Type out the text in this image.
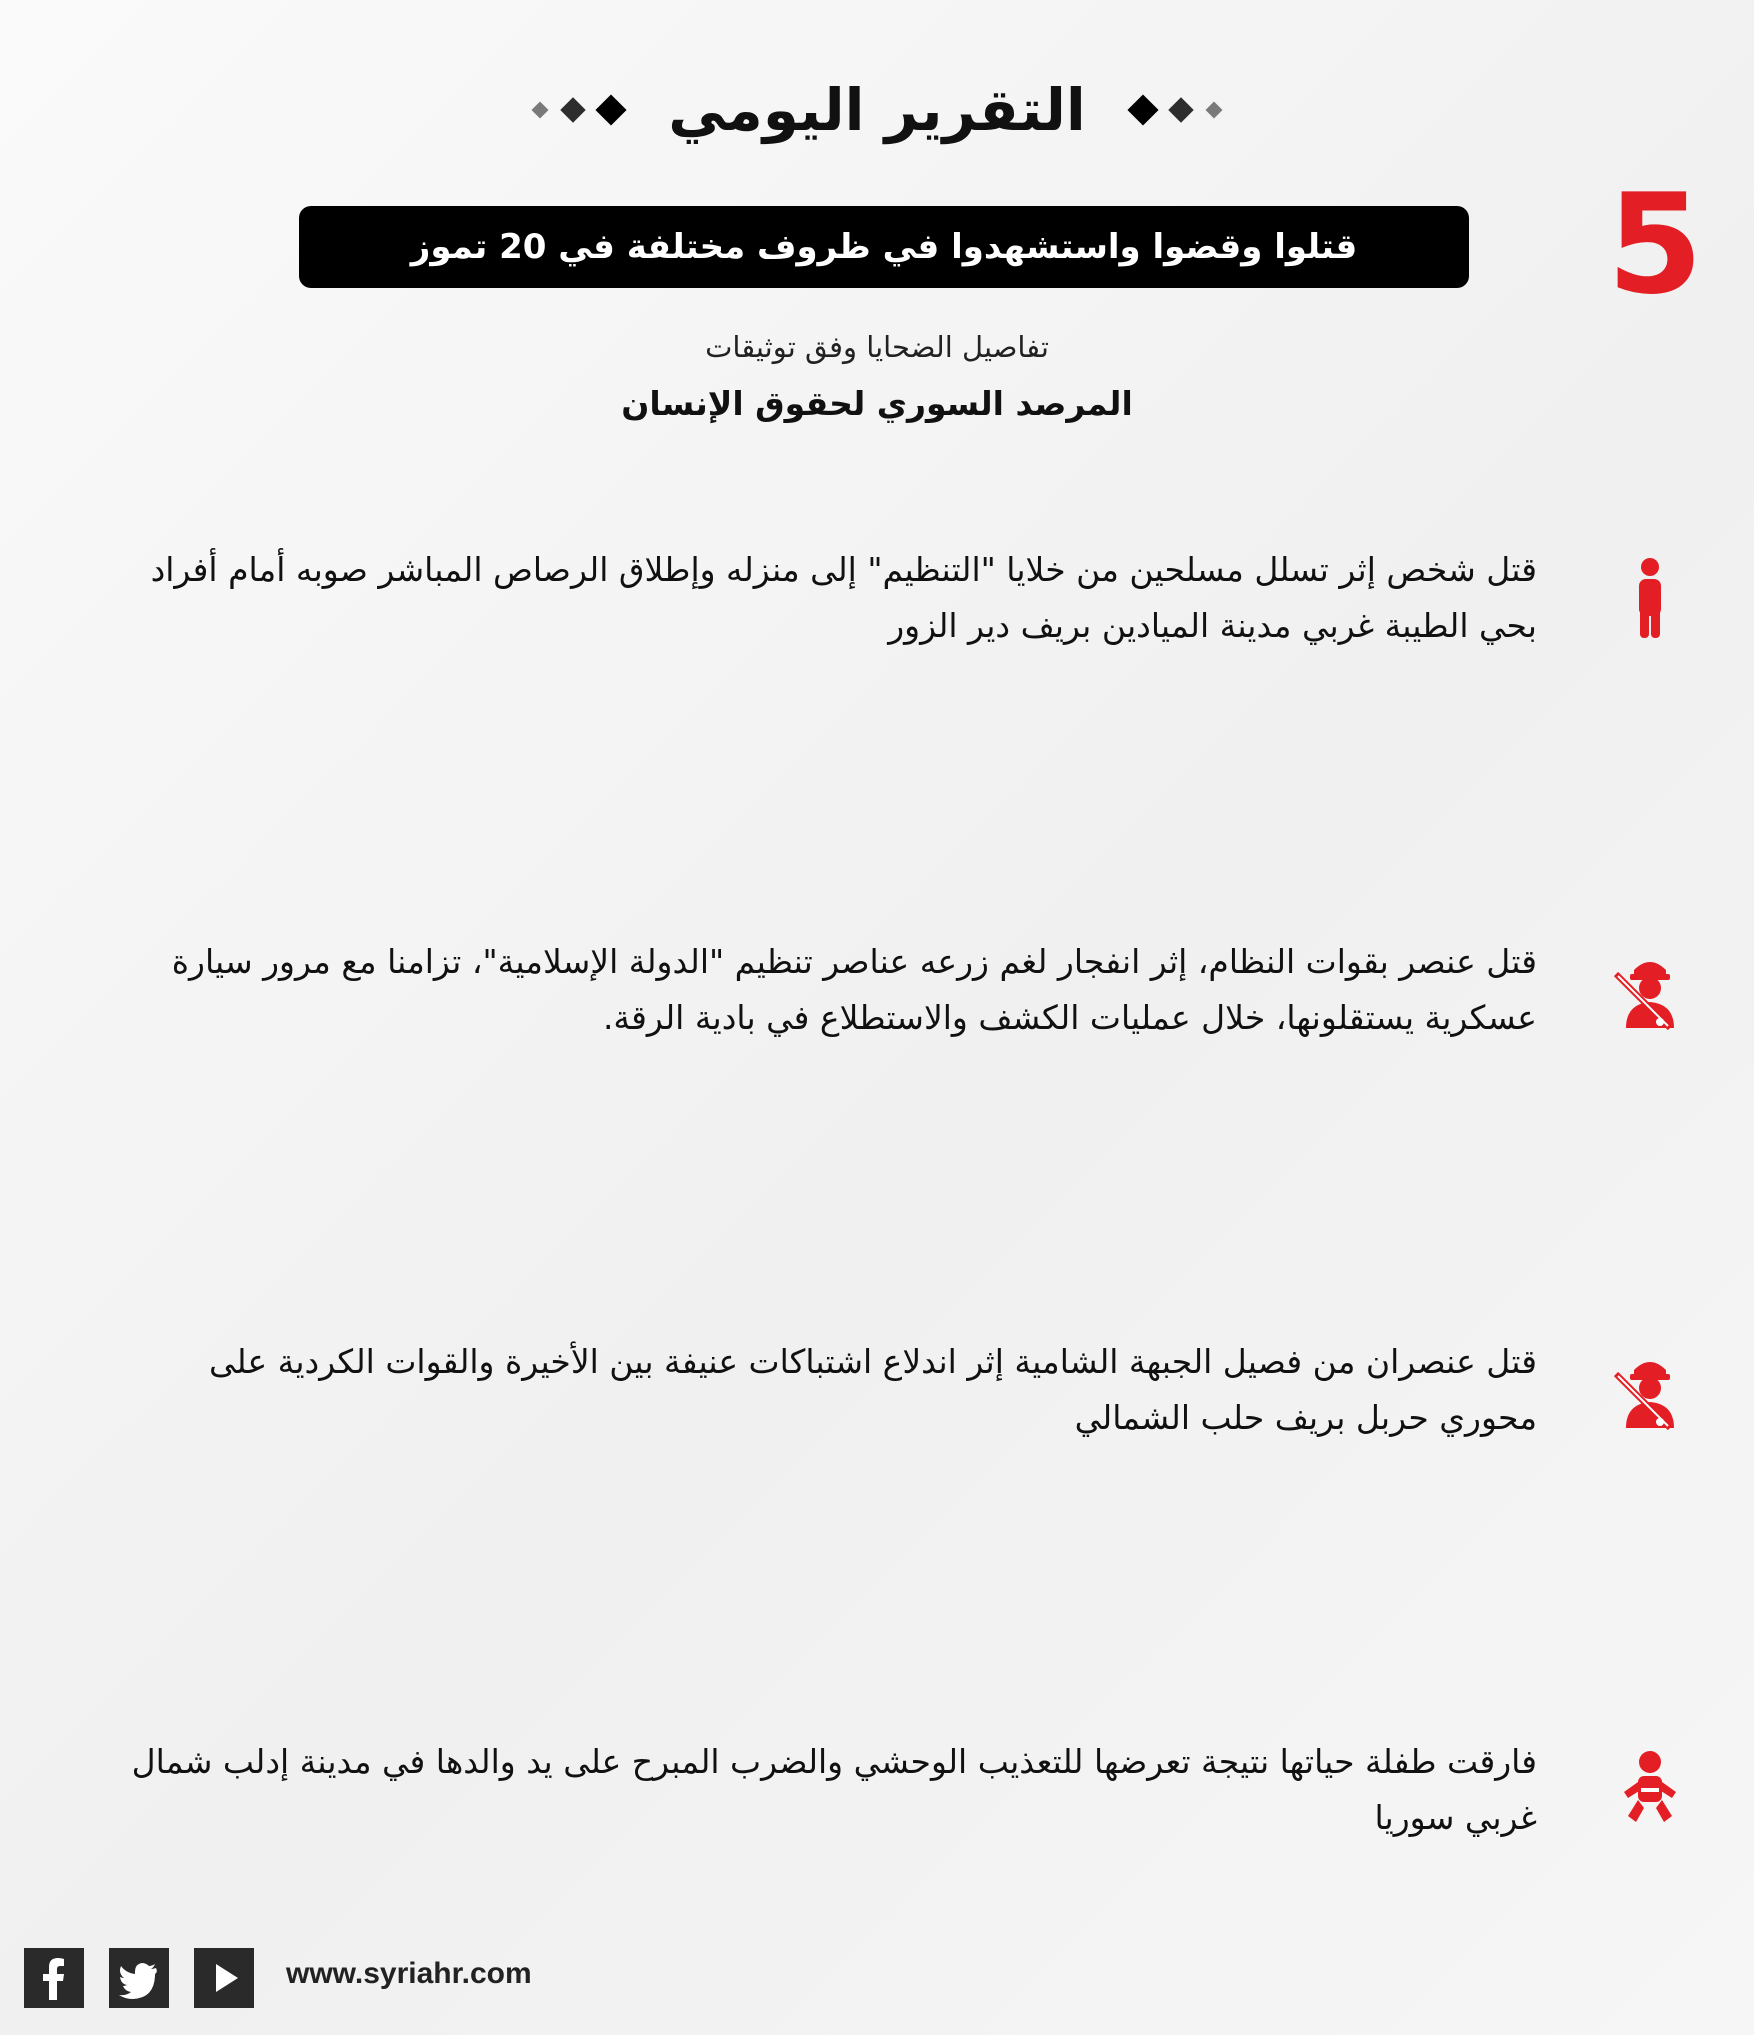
التقرير اليومي
قتلوا وقضوا واستشهدوا في ظروف مختلفة في 20 تموز 5
تفاصيل الضحايا وفق توثيقات
المرصد السوري لحقوق الإنسان
قتل شخص إثر تسلل مسلحين من خلايا "التنظيم" إلى منزله وإطلاق الرصاص المباشر صوبه أمام أفراد بحي الطيبة غربي مدينة الميادين بريف دير الزور
قتل عنصر بقوات النظام، إثر انفجار لغم زرعه عناصر تنظيم "الدولة الإسلامية"، تزامنا مع مرور سيارة عسكرية يستقلونها، خلال عمليات الكشف والاستطلاع في بادية الرقة.
قتل عنصران من فصيل الجبهة الشامية إثر اندلاع اشتباكات عنيفة بين الأخيرة والقوات الكردية على محوري حربل بريف حلب الشمالي
فارقت طفلة حياتها نتيجة تعرضها للتعذيب الوحشي والضرب المبرح على يد والدها في مدينة إدلب شمال غربي سوريا
www.syriahr.com
